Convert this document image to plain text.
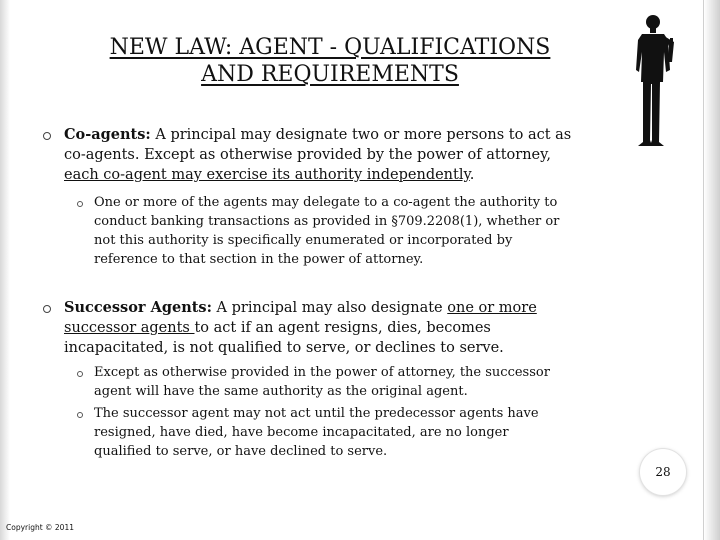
NEW LAW: AGENT - QUALIFICATIONS
AND REQUIREMENTS
Co-agents: A principal may designate two or more persons to act as
co-agents. Except as otherwise provided by the power of attorney,
each co-agent may exercise its authority independently.
One or more of the agents may delegate to a co-agent the authority to
conduct banking transactions as provided in §709.2208(1), whether or
not this authority is specifically enumerated or incorporated by
reference to that section in the power of attorney.
Successor Agents: A principal may also designate one or more
successor agents to act if an agent resigns, dies, becomes
incapacitated, is not qualified to serve, or declines to serve.
Except as otherwise provided in the power of attorney, the successor
agent will have the same authority as the original agent.
The successor agent may not act until the predecessor agents have
resigned, have died, have become incapacitated, are no longer
qualified to serve, or have declined to serve.
28
Copyright © 2011
